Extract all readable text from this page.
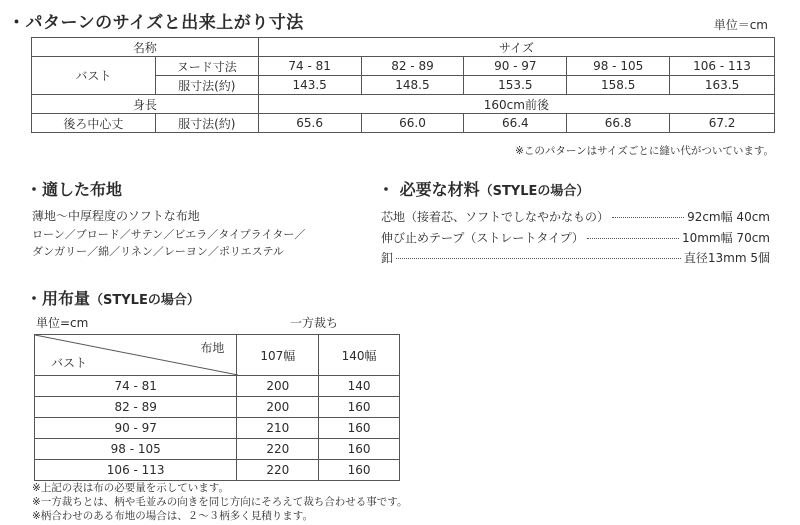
・パターンのサイズと出来上がり寸法	単位＝cm
名称		サイズ				
バスト	ヌード寸法	74 - 81	82 - 89	90 - 97	98 - 105	106 - 113
	服寸法(約)	143.5	148.5	153.5	158.5	163.5
身長		160cm前後				
後ろ中心丈	服寸法(約)	65.6	66.0	66.4	66.8	67.2
※このパターンはサイズごとに縫い代がついています。
・適した布地
薄地〜中厚程度のソフトな布地
ローン／ブロード／サテン／ビエラ／タイプライター／
ダンガリー／綿／リネン／レーヨン／ポリエステル
・ 必要な材料（STYLEの場合）
芯地（接着芯、ソフトでしなやかなもの）	92cm幅 40cm
伸び止めテープ（ストレートタイプ）	10mm幅 70cm
釦	直径13mm 5個
・用布量（STYLEの場合）
単位=cm	一方裁ち
布地
バスト	107幅	140幅
74 - 81	200	140
82 - 89	200	160
90 - 97	210	160
98 - 105	220	160
106 - 113	220	160
※上記の表は布の必要量を示しています。
※一方裁ちとは、柄や毛並みの向きを同じ方向にそろえて裁ち合わせる事です。
※柄合わせのある布地の場合は、２〜３柄多く見積ります。
